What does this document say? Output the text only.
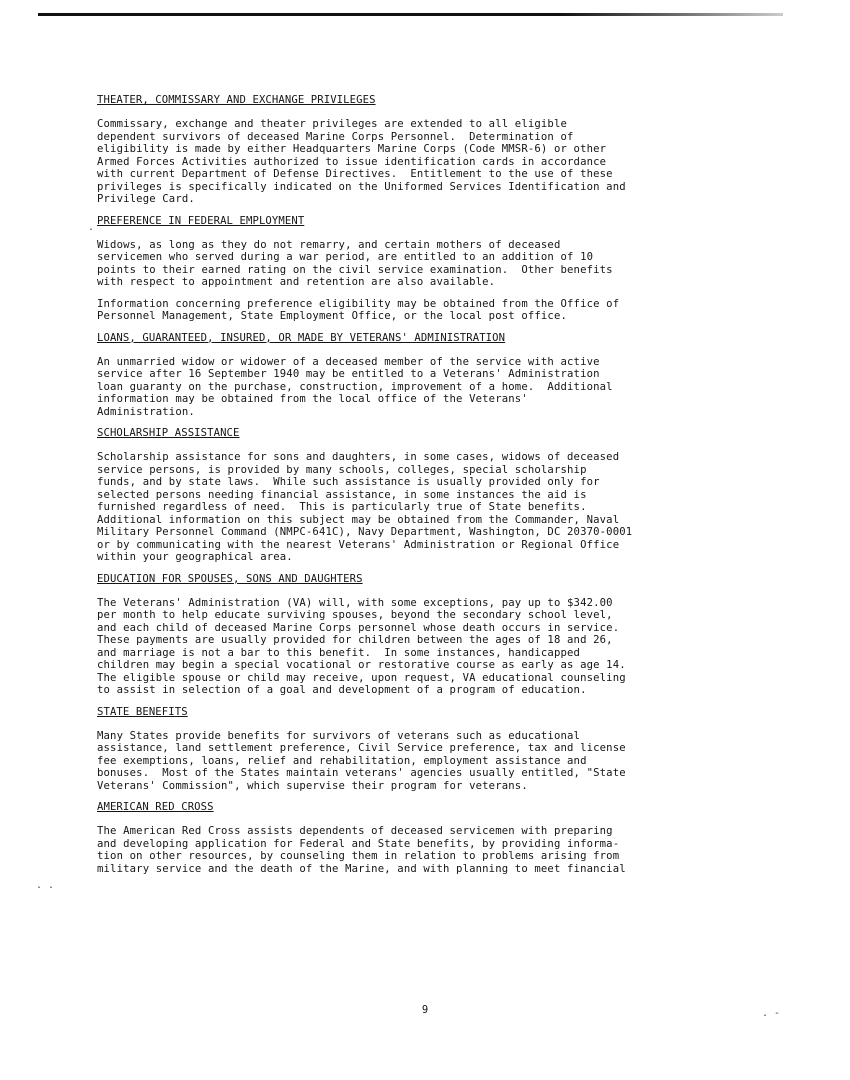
THEATER, COMMISSARY AND EXCHANGE PRIVILEGES
Commissary, exchange and theater privileges are extended to all eligible
dependent survivors of deceased Marine Corps Personnel.  Determination of
eligibility is made by either Headquarters Marine Corps (Code MMSR-6) or other
Armed Forces Activities authorized to issue identification cards in accordance
with current Department of Defense Directives.  Entitlement to the use of these
privileges is specifically indicated on the Uniformed Services Identification and
Privilege Card.
PREFERENCE IN FEDERAL EMPLOYMENT
Widows, as long as they do not remarry, and certain mothers of deceased
servicemen who served during a war period, are entitled to an addition of 10
points to their earned rating on the civil service examination.  Other benefits
with respect to appointment and retention are also available.
Information concerning preference eligibility may be obtained from the Office of
Personnel Management, State Employment Office, or the local post office.
LOANS, GUARANTEED, INSURED, OR MADE BY VETERANS' ADMINISTRATION
An unmarried widow or widower of a deceased member of the service with active
service after 16 September 1940 may be entitled to a Veterans' Administration
loan guaranty on the purchase, construction, improvement of a home.  Additional
information may be obtained from the local office of the Veterans'
Administration.
SCHOLARSHIP ASSISTANCE
Scholarship assistance for sons and daughters, in some cases, widows of deceased
service persons, is provided by many schools, colleges, special scholarship
funds, and by state laws.  While such assistance is usually provided only for
selected persons needing financial assistance, in some instances the aid is
furnished regardless of need.  This is particularly true of State benefits.
Additional information on this subject may be obtained from the Commander, Naval
Military Personnel Command (NMPC-641C), Navy Department, Washington, DC 20370-0001
or by communicating with the nearest Veterans' Administration or Regional Office
within your geographical area.
EDUCATION FOR SPOUSES, SONS AND DAUGHTERS
The Veterans' Administration (VA) will, with some exceptions, pay up to $342.00
per month to help educate surviving spouses, beyond the secondary school level,
and each child of deceased Marine Corps personnel whose death occurs in service.
These payments are usually provided for children between the ages of 18 and 26,
and marriage is not a bar to this benefit.  In some instances, handicapped
children may begin a special vocational or restorative course as early as age 14.
The eligible spouse or child may receive, upon request, VA educational counseling
to assist in selection of a goal and development of a program of education.
STATE BENEFITS
Many States provide benefits for survivors of veterans such as educational
assistance, land settlement preference, Civil Service preference, tax and license
fee exemptions, loans, relief and rehabilitation, employment assistance and
bonuses.  Most of the States maintain veterans' agencies usually entitled, "State
Veterans' Commission", which supervise their program for veterans.
AMERICAN RED CROSS
The American Red Cross assists dependents of deceased servicemen with preparing
and developing application for Federal and State benefits, by providing informa-
tion on other resources, by counseling them in relation to problems arising from
military service and the death of the Marine, and with planning to meet financial
9
.
. .
. -
